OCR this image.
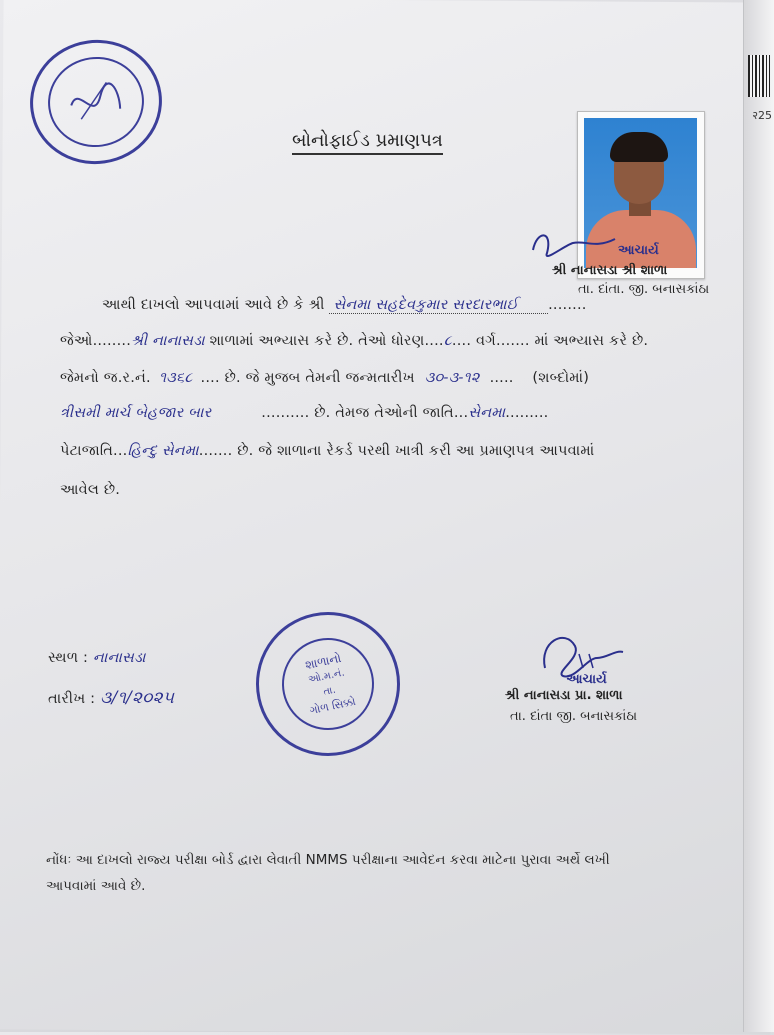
२25
બોનોફાઈડ પ્રમાણપત્ર
આચાર્ય
શ્રી નાનાસડા શ્રી શાળા
તા. દાંતા. જી. બનાસકાંઠા
આથી દાખલો આપવામાં આવે છે કે શ્રી સેનમા સહદેવકુમાર સરદારભાઈ ........
જેઓ........શ્રી નાનાસડા શાળામાં અભ્યાસ કરે છે. તેઓ ધોરણ....૮.... વર્ગ....... માં અભ્યાસ કરે છે.
જેમનો જ.ર.નં. ૧૩૬૮ .... છે. જે મુજબ તેમની જન્મતારીખ ૩૦-૩-૧૨ ..... (શબ્દોમાં)
ત્રીસમી માર્ચ બેહજાર બાર	.......... છે. તેમજ તેઓની જાતિ...સેનમા.........
પેટાજાતિ...હિન્દુ સેનમા....... છે. જે શાળાના રેકર્ડ પરથી ખાત્રી કરી આ પ્રમાણપત્ર આપવામાં
આવેલ છે.
સ્થળ : નાનાસડા
તારીખ : ૩/૧/૨૦૨૫
શાળાનો
ઓ.મ.નં.
તા.
ગોળ સિક્કો
આચાર્ય
શ્રી નાનાસડા પ્રા. શાળા
તા. દાંતા જી. બનાસકાંઠા
નોંધઃ આ દાખલો રાજ્ય પરીક્ષા બોર્ડ દ્વારા લેવાતી NMMS પરીક્ષાના આવેદન કરવા માટેના પુરાવા અર્થે લખી
આપવામાં આવે છે.
